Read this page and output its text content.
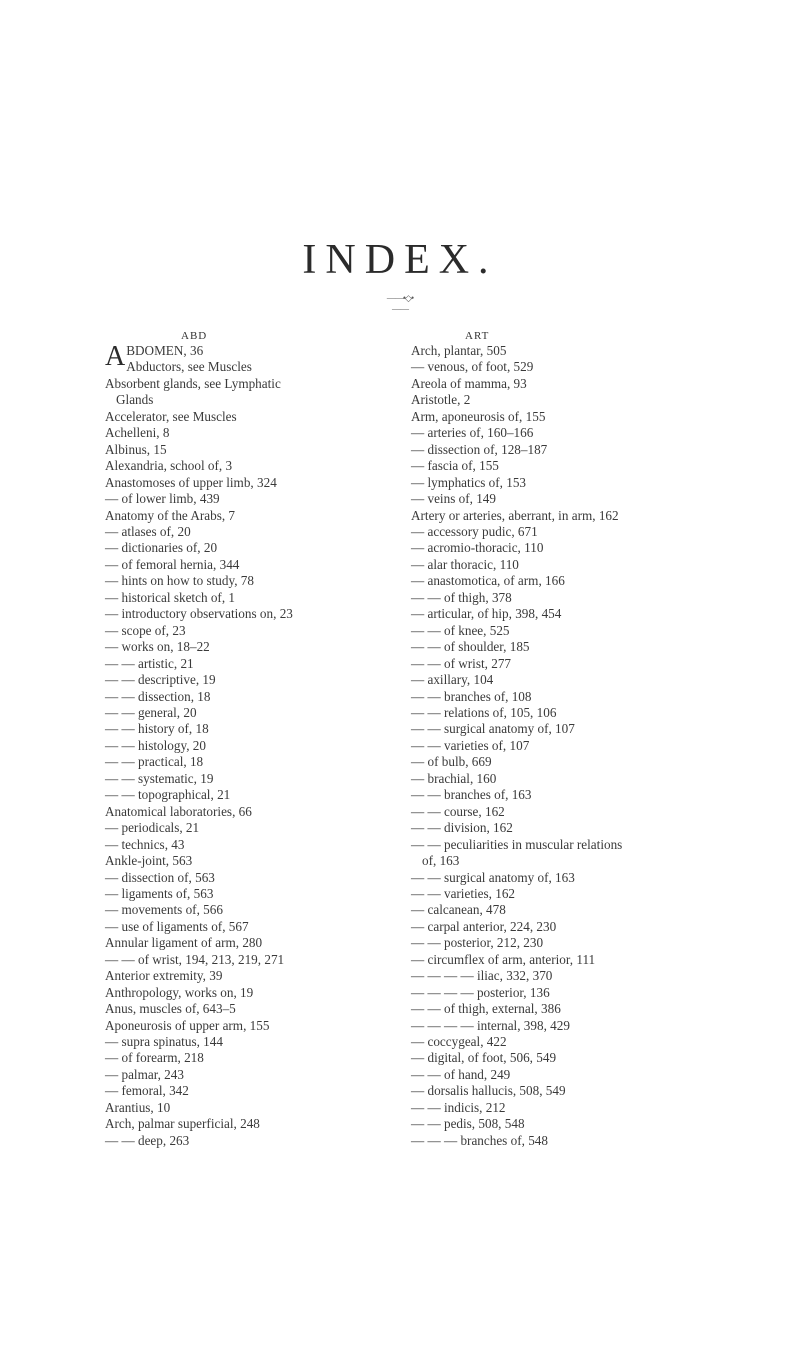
INDEX.
——•◇•——
ABD	ART
A BDOMEN, 36
Abductors, see Muscles
Absorbent glands, see Lymphatic
Glands
Accelerator, see Muscles
Achelleni, 8
Albinus, 15
Alexandria, school of, 3
Anastomoses of upper limb, 324
— of lower limb, 439
Anatomy of the Arabs, 7
— atlases of, 20
— dictionaries of, 20
— of femoral hernia, 344
— hints on how to study, 78
— historical sketch of, 1
— introductory observations on, 23
— scope of, 23
— works on, 18–22
— — artistic, 21
— — descriptive, 19
— — dissection, 18
— — general, 20
— — history of, 18
— — histology, 20
— — practical, 18
— — systematic, 19
— — topographical, 21
Anatomical laboratories, 66
— periodicals, 21
— technics, 43
Ankle-joint, 563
— dissection of, 563
— ligaments of, 563
— movements of, 566
— use of ligaments of, 567
Annular ligament of arm, 280
— — of wrist, 194, 213, 219, 271
Anterior extremity, 39
Anthropology, works on, 19
Anus, muscles of, 643–5
Aponeurosis of upper arm, 155
— supra spinatus, 144
— of forearm, 218
— palmar, 243
— femoral, 342
Arantius, 10
Arch, palmar superficial, 248
— — deep, 263
Arch, plantar, 505
— venous, of foot, 529
Areola of mamma, 93
Aristotle, 2
Arm, aponeurosis of, 155
— arteries of, 160–166
— dissection of, 128–187
— fascia of, 155
— lymphatics of, 153
— veins of, 149
Artery or arteries, aberrant, in arm, 162
— accessory pudic, 671
— acromio-thoracic, 110
— alar thoracic, 110
— anastomotica, of arm, 166
— — of thigh, 378
— articular, of hip, 398, 454
— — of knee, 525
— — of shoulder, 185
— — of wrist, 277
— axillary, 104
— — branches of, 108
— — relations of, 105, 106
— — surgical anatomy of, 107
— — varieties of, 107
— of bulb, 669
— brachial, 160
— — branches of, 163
— — course, 162
— — division, 162
— — peculiarities in muscular relations
of, 163
— — surgical anatomy of, 163
— — varieties, 162
— calcanean, 478
— carpal anterior, 224, 230
— — posterior, 212, 230
— circumflex of arm, anterior, 111
— — — — iliac, 332, 370
— — — — posterior, 136
— — of thigh, external, 386
— — — — internal, 398, 429
— coccygeal, 422
— digital, of foot, 506, 549
— — of hand, 249
— dorsalis hallucis, 508, 549
— — indicis, 212
— — pedis, 508, 548
— — — branches of, 548
